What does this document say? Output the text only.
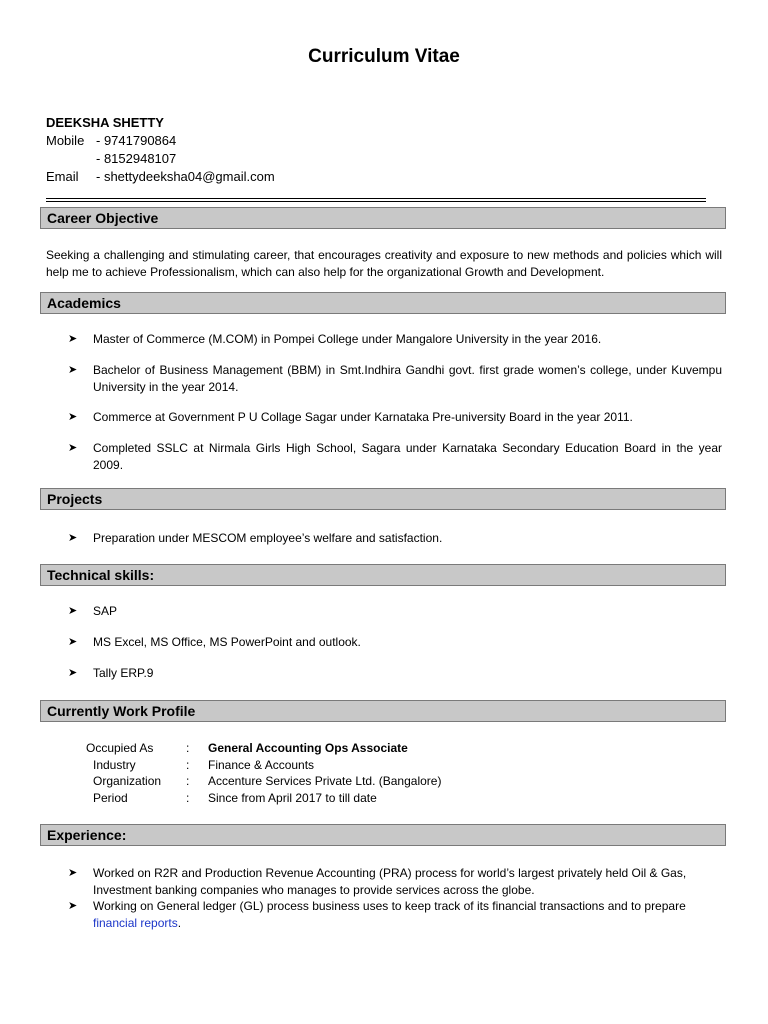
Curriculum Vitae
DEEKSHA SHETTY
Mobile - 9741790864
- 8152948107
Email	- shettydeeksha04@gmail.com
Career Objective
Seeking a challenging and stimulating career, that encourages creativity and exposure to new methods and policies which will help me to achieve Professionalism, which can also help for the organizational Growth and Development.
Academics
➤	Master of Commerce (M.COM) in Pompei College under Mangalore University in the year 2016.
➤	Bachelor of Business Management (BBM) in Smt.Indhira Gandhi govt. first grade women’s college, under Kuvempu University in the year 2014.
➤	Commerce at Government P U Collage Sagar under Karnataka Pre-university Board in the year 2011.
➤	Completed SSLC at Nirmala Girls High School, Sagara under Karnataka Secondary Education Board in the year 2009.
Projects
➤	Preparation under MESCOM employee’s welfare and satisfaction.
Technical skills:
➤	SAP
➤	MS Excel, MS Office, MS PowerPoint and outlook.
➤	Tally ERP.9
Currently Work Profile
Occupied As	:	General Accounting Ops Associate
Industry	:	Finance & Accounts
Organization	:	Accenture Services Private Ltd. (Bangalore)
Period	:	Since from April 2017 to till date
Experience:
➤	Worked on R2R and Production Revenue Accounting (PRA) process for world’s largest privately held Oil & Gas, Investment banking companies who manages to provide services across the globe.
➤	Working on General ledger (GL) process business uses to keep track of its financial transactions and to prepare financial reports.
